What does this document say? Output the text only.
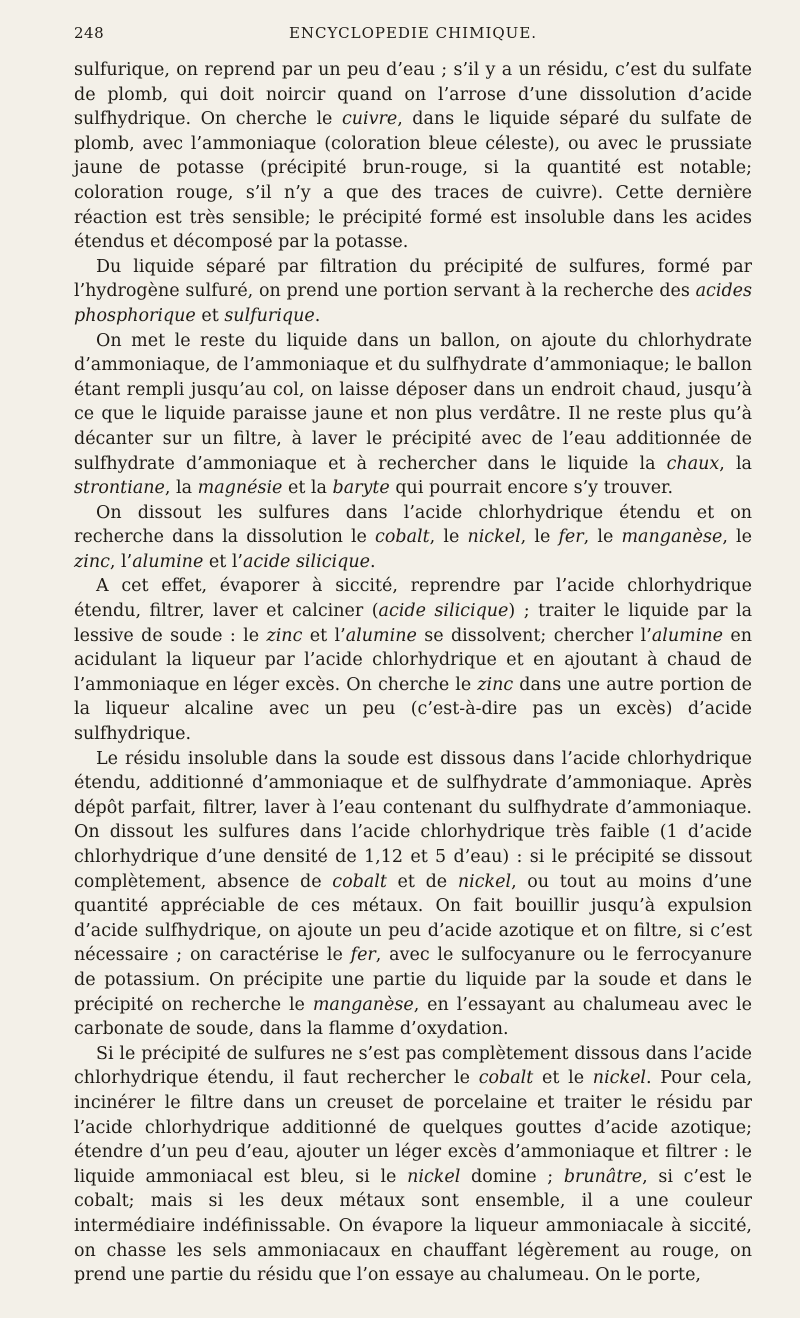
248	ENCYCLOPEDIE CHIMIQUE.

sulfurique, on reprend par un peu d’eau ; s’il y a un résidu, c’est du sulfate de plomb, qui doit noircir quand on l’arrose d’une dissolution d’acide sulfhydrique. On cherche le cuivre, dans le liquide séparé du sulfate de plomb, avec l’ammoniaque (coloration bleue céleste), ou avec le prussiate jaune de potasse (précipité brun-rouge, si la quantité est notable; coloration rouge, s’il n’y a que des traces de cuivre). Cette dernière réaction est très sensible; le précipité formé est insoluble dans les acides étendus et décomposé par la potasse.

Du liquide séparé par filtration du précipité de sulfures, formé par l’hydrogène sulfuré, on prend une portion servant à la recherche des acides phosphorique et sulfurique.

On met le reste du liquide dans un ballon, on ajoute du chlorhydrate d’ammoniaque, de l’ammoniaque et du sulfhydrate d’ammoniaque; le ballon étant rempli jusqu’au col, on laisse déposer dans un endroit chaud, jusqu’à ce que le liquide paraisse jaune et non plus verdâtre. Il ne reste plus qu’à décanter sur un filtre, à laver le précipité avec de l’eau additionnée de sulfhydrate d’ammoniaque et à rechercher dans le liquide la chaux, la strontiane, la magnésie et la baryte qui pourrait encore s’y trouver.

On dissout les sulfures dans l’acide chlorhydrique étendu et on recherche dans la dissolution le cobalt, le nickel, le fer, le manganèse, le zinc, l’alumine et l’acide silicique.

A cet effet, évaporer à siccité, reprendre par l’acide chlorhydrique étendu, filtrer, laver et calciner (acide silicique) ; traiter le liquide par la lessive de soude : le zinc et l’alumine se dissolvent; chercher l’alumine en acidulant la liqueur par l’acide chlorhydrique et en ajoutant à chaud de l’ammoniaque en léger excès. On cherche le zinc dans une autre portion de la liqueur alcaline avec un peu (c’est-à-dire pas un excès) d’acide sulfhydrique.

Le résidu insoluble dans la soude est dissous dans l’acide chlorhydrique étendu, additionné d’ammoniaque et de sulfhydrate d’ammoniaque. Après dépôt parfait, filtrer, laver à l’eau contenant du sulfhydrate d’ammoniaque. On dissout les sulfures dans l’acide chlorhydrique très faible (1 d’acide chlorhydrique d’une densité de 1,12 et 5 d’eau) : si le précipité se dissout complètement, absence de cobalt et de nickel, ou tout au moins d’une quantité appréciable de ces métaux. On fait bouillir jusqu’à expulsion d’acide sulfhydrique, on ajoute un peu d’acide azotique et on filtre, si c’est nécessaire ; on caractérise le fer, avec le sulfocyanure ou le ferrocyanure de potassium. On précipite une partie du liquide par la soude et dans le précipité on recherche le manganèse, en l’essayant au chalumeau avec le carbonate de soude, dans la flamme d’oxydation.

Si le précipité de sulfures ne s’est pas complètement dissous dans l’acide chlorhydrique étendu, il faut rechercher le cobalt et le nickel. Pour cela, incinérer le filtre dans un creuset de porcelaine et traiter le résidu par l’acide chlorhydrique additionné de quelques gouttes d’acide azotique; étendre d’un peu d’eau, ajouter un léger excès d’ammoniaque et filtrer : le liquide ammoniacal est bleu, si le nickel domine ; brunâtre, si c’est le cobalt; mais si les deux métaux sont ensemble, il a une couleur intermédiaire indéfinissable. On évapore la liqueur ammoniacale à siccité, on chasse les sels ammoniacaux en chauffant légèrement au rouge, on prend une partie du résidu que l’on essaye au chalumeau. On le porte,
